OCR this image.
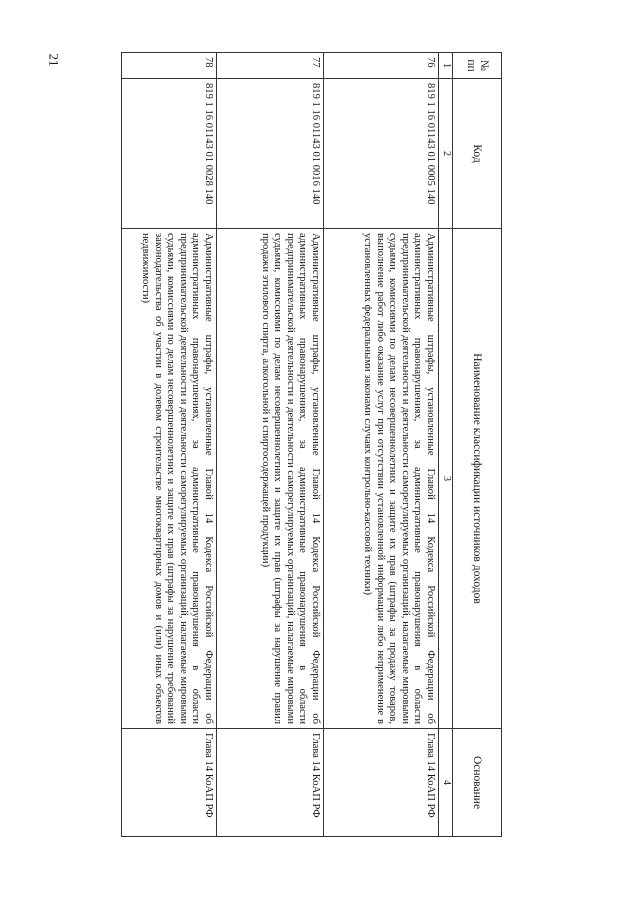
21	№ пп	Код	Наименование классификации источников доходов	Основание
1	2	3	4
76	819 1 16 01143 01 0005 140	Административные штрафы, установленные Главой 14 Кодекса Российской Федерации об административных правонарушениях, за административные правонарушения в области предпринимательской деятельности и деятельности саморегулируемых организаций, налагаемые мировыми судьями, комиссиями по делам несовершеннолетних и защите их прав (штрафы за продажу товаров, выполнение работ либо оказание услуг при отсутствии установленной информации либо неприменение в установленных федеральными законами случаях контрольно-кассовой техники)	Глава 14 КоАП РФ
77	819 1 16 01143 01 0016 140	Административные штрафы, установленные Главой 14 Кодекса Российской Федерации об административных правонарушениях, за административные правонарушения в области предпринимательской деятельности и деятельности саморегулируемых организаций, налагаемые мировыми судьями, комиссиями по делам несовершеннолетних и защите их прав (штрафы за нарушение правил продажи этилового спирта, алкогольной и спиртосодержащей продукции)	Глава 14 КоАП РФ
78	819 1 16 01143 01 0028 140	Административные штрафы, установленные Главой 14 Кодекса Российской Федерации об административных правонарушениях, за административные правонарушения в области предпринимательской деятельности и деятельности саморегулируемых организаций, налагаемые мировыми судьями, комиссиями по делам несовершеннолетних и защите их прав (штрафы за нарушение требований законодательства об участии в долевом строительстве многоквартирных домов и (или) иных объектов недвижимости)	Глава 14 КоАП РФ
